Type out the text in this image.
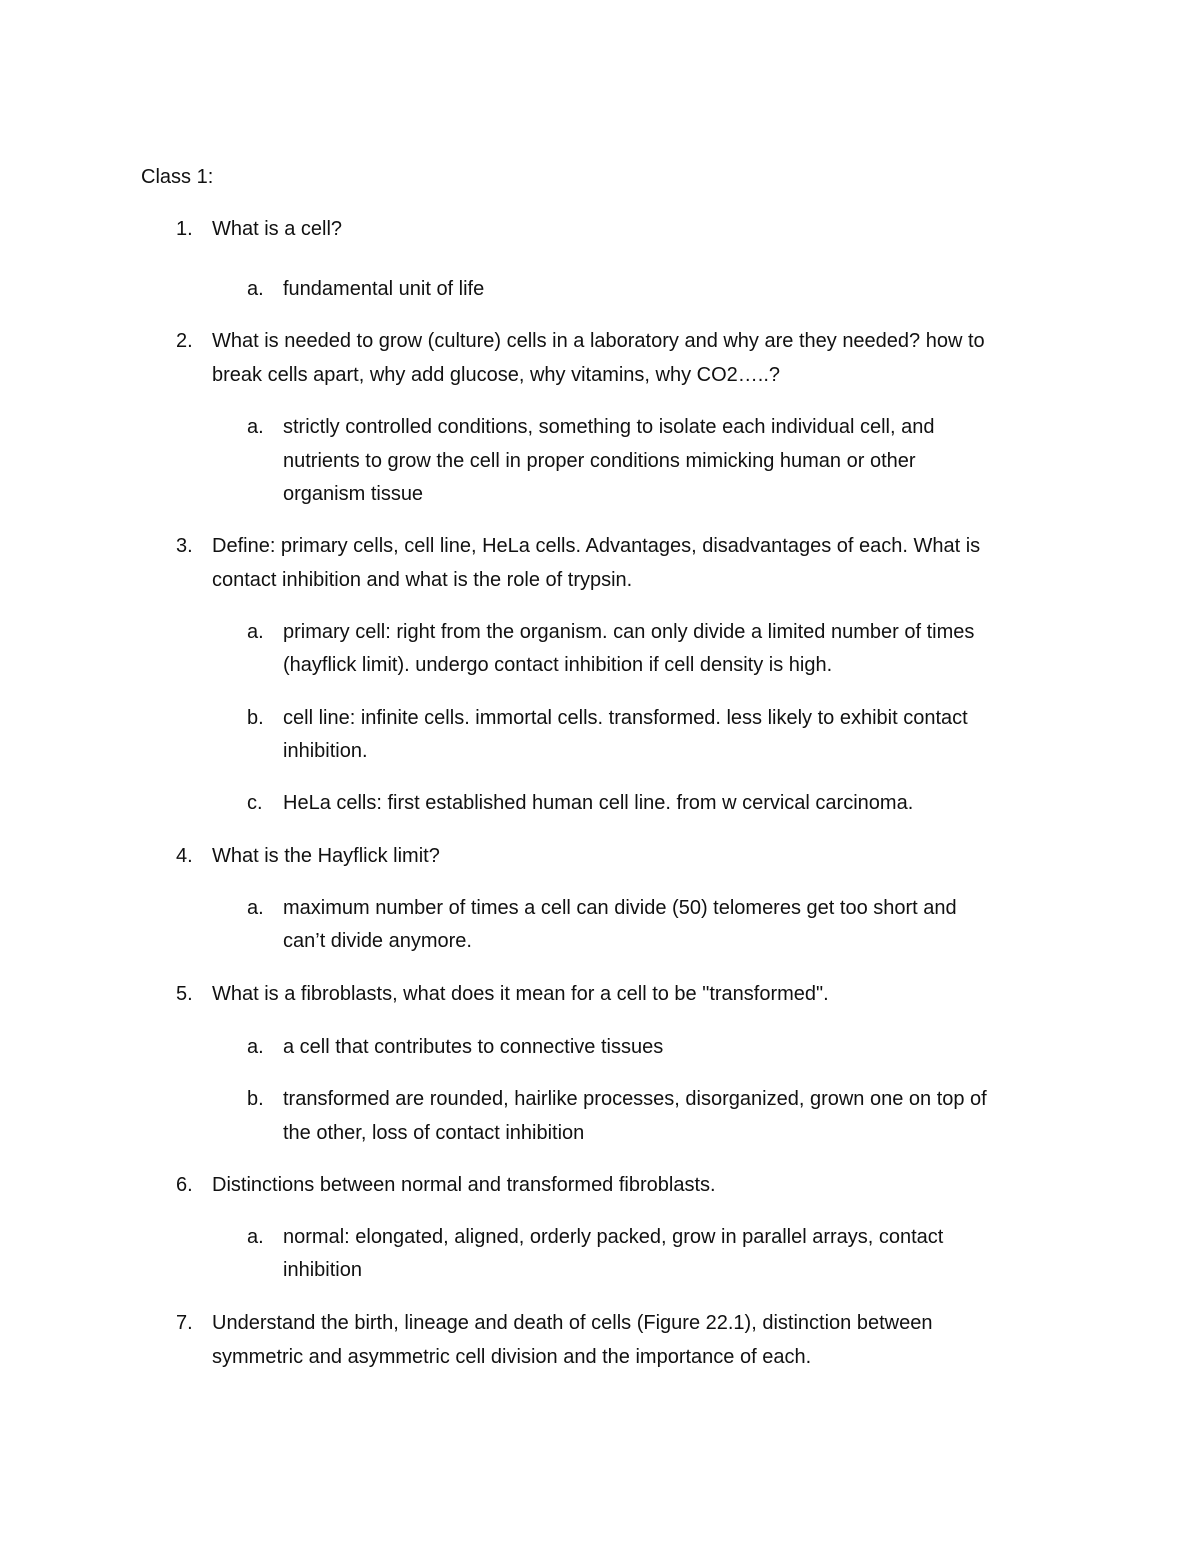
Class 1:
1. What is a cell?
a. fundamental unit of life
2. What is needed to grow (culture) cells in a laboratory and why are they needed? how to
break cells apart, why add glucose, why vitamins, why CO2…..?
a. strictly controlled conditions, something to isolate each individual cell, and
nutrients to grow the cell in proper conditions mimicking human or other
organism tissue
3. Define: primary cells, cell line, HeLa cells. Advantages, disadvantages of each. What is
contact inhibition and what is the role of trypsin.
a. primary cell: right from the organism. can only divide a limited number of times
(hayflick limit). undergo contact inhibition if cell density is high.
b. cell line: infinite cells. immortal cells. transformed. less likely to exhibit contact
inhibition.
c. HeLa cells: first established human cell line. from w cervical carcinoma.
4. What is the Hayflick limit?
a. maximum number of times a cell can divide (50) telomeres get too short and
can’t divide anymore.
5. What is a fibroblasts, what does it mean for a cell to be "transformed".
a. a cell that contributes to connective tissues
b. transformed are rounded, hairlike processes, disorganized, grown one on top of
the other, loss of contact inhibition
6. Distinctions between normal and transformed fibroblasts.
a. normal: elongated, aligned, orderly packed, grow in parallel arrays, contact
inhibition
7. Understand the birth, lineage and death of cells (Figure 22.1), distinction between
symmetric and asymmetric cell division and the importance of each.
